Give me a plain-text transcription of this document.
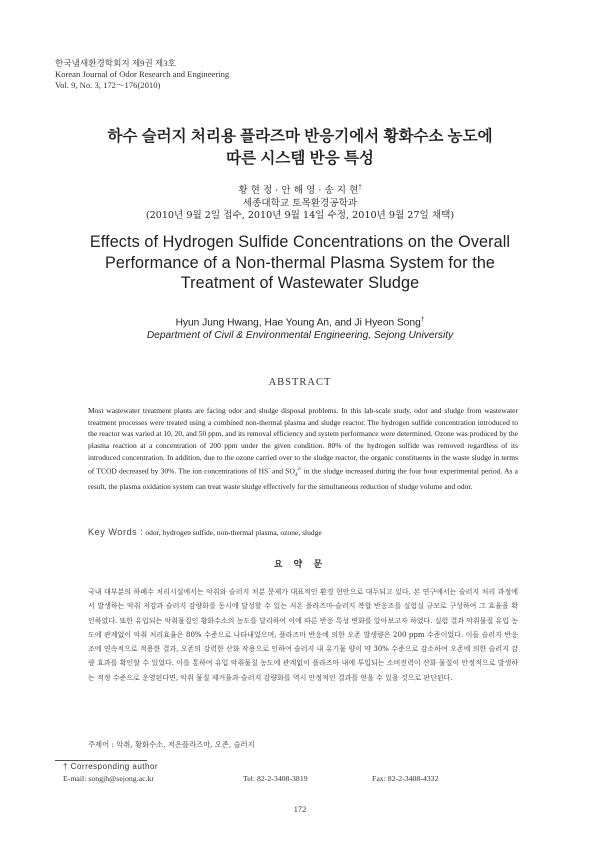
한국냄새환경학회지 제9권 제3호
Korean Journal of Odor Research and Engineering
Vol. 9, No. 3, 172～176(2010)
하수 슬러지 처리용 플라즈마 반응기에서 황화수소 농도에
따른 시스템 반응 특성
황 현 정 · 안 해 영 · 송 지 현†
세종대학교 토목환경공학과
(2010년 9월 2일 접수, 2010년 9월 14일 수정, 2010년 9월 27일 채택)
Effects of Hydrogen Sulfide Concentrations on the Overall
Performance of a Non-thermal Plasma System for the
Treatment of Wastewater Sludge
Hyun Jung Hwang, Hae Young An, and Ji Hyeon Song†
Department of Civil & Environmental Engineering, Sejong University
ABSTRACT
Most wastewater treatment plants are facing odor and sludge disposal problems. In this lab-scale study, odor and sludge from wastewater treatment processes were treated using a combined non-thermal plasma and sludge reactor. The hydrogen sulfide concentration introduced to the reactor was varied at 10, 20, and 50 ppm, and its removal efficiency and system performance were determined. Ozone was produced by the plasma reaction at a concentration of 200 ppm under the given condition. 80% of the hydrogen sulfide was removed regardless of its introduced concentration. In addition, due to the ozone carried over to the sludge reactor, the organic constituents in the waste sludge in terms of TCOD decreased by 30%. The ion concentrations of HS- and $SO_4^{2-}$ in the sludge increased during the four hour experimental period. As a result, the plasma oxidation system can treat waste sludge effectively for the simultaneous reduction of sludge volume and odor.
Key Words : odor, hydrogen sulfide, non-thermal plasma, ozone, sludge
요 약 문
국내 대부분의 하폐수 처리시설에서는 악취와 슬러지 처분 문제가 대표적인 환경 현안으로 대두되고 있다. 본 연구에서는 슬러지 처리 과정에서 발생하는 악취 저감과 슬러지 감량화를 동시에 달성할 수 있는 저온 플라즈마-슬러지 복합 반응조를 실험실 규모로 구성하여 그 효율을 확인하였다. 또한 유입되는 악취물질인 황화수소의 농도를 달리하여 이에 따른 반응 특성 변화를 알아보고자 하였다. 실험 결과 악취물질 유입 농도에 관계없이 악취 처리효율은 80% 수준으로 나타내었으며, 플라즈마 반응에 의한 오존 발생량은 200 ppm 수준이었다. 이들 슬러지 반응조에 연속적으로 적용한 결과, 오존의 강력한 산화 작용으로 인하여 슬러지 내 유기물 양이 약 30% 수준으로 감소하여 오존에 의한 슬러지 감량 효과를 확인할 수 있었다. 이를 통하여 유입 악취물질 농도에 관계없이 플라즈마 내에 투입되는 소비전력이 산화 물질이 안정적으로 발생하는 적정 수준으로 운영된다면, 악취 물질 제거율과 슬러지 감량화를 역시 안정적인 결과를 얻을 수 있을 것으로 판단된다.
주제어 : 악취, 황화수소, 저온플라즈마, 오존, 슬러지
† Corresponding author
E-mail: songjh@sejong.ac.kr	Tel: 82-2-3408-3819	Fax: 82-2-3408-4332
172
